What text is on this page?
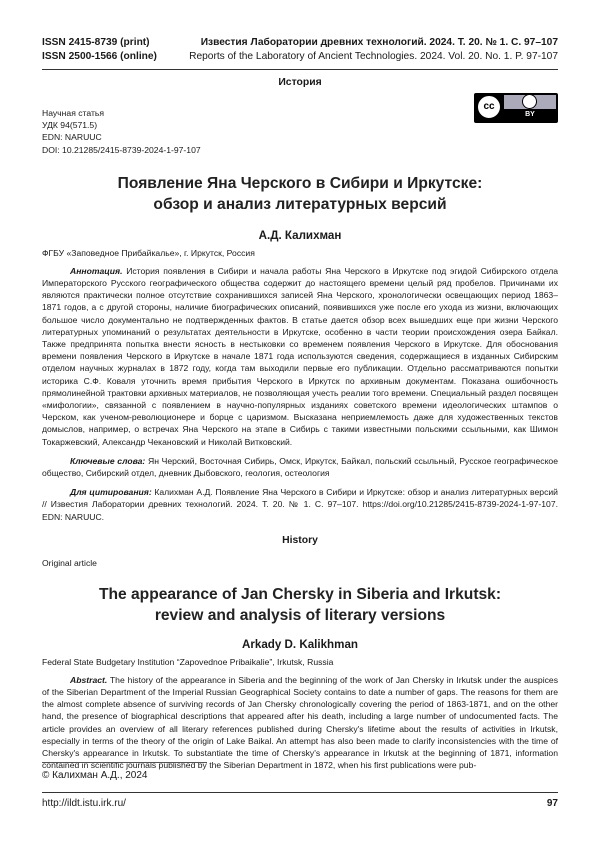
ISSN 2415-8739 (print)
ISSN 2500-1566 (online)
Известия Лаборатории древних технологий. 2024. Т. 20. № 1. С. 97–107
Reports of the Laboratory of Ancient Technologies. 2024. Vol. 20. No. 1. P. 97-107
История
Научная статья
УДК 94(571.5)
EDN: NARUUC
DOI: 10.21285/2415-8739-2024-1-97-107
cc
BY
Появление Яна Черского в Сибири и Иркутске:
обзор и анализ литературных версий
А.Д. Калихман
ФГБУ «Заповедное Прибайкалье», г. Иркутск, Россия
Аннотация. История появления в Сибири и начала работы Яна Черского в Иркутске под эгидой Сибирского отдела Императорского Русского географического общества содержит до настоящего времени целый ряд пробелов. Причинами их являются практически полное отсутствие сохранившихся записей Яна Черского, хронологически освещающих период 1863–1871 годов, а с другой стороны, наличие биографических описаний, появившихся уже после его ухода из жизни, включающих большое число документально не подтвержденных фактов. В статье дается обзор всех вышедших еще при жизни Черского литературных упоминаний о результатах деятельности в Иркутске, особенно в части теории происхождения озера Байкал. Также предпринята попытка внести ясность в нестыковки со временем появления Черского в Иркутске. Для обоснования времени появления Черского в Иркутске в начале 1871 года используются сведения, содержащиеся в изданных Сибирским отделом научных журналах в 1872 году, когда там выходили первые его публикации. Отдельно рассматриваются попытки историка С.Ф. Коваля уточнить время прибытия Черского в Иркутск по архивным документам. Показана ошибочность прямолинейной трактовки архивных материалов, не позволяющая учесть реалии того времени. Специальный раздел посвящен «мифологии», связанной с появлением в научно-популярных изданиях советского времени идеологических штампов о Черском, как ученом-революционере и борце с царизмом. Высказана неприемлемость даже для художественных текстов домыслов, например, о встречах Яна Черского на этапе в Сибирь с такими известными польскими ссыльными, как Шимон Токаржевский, Александр Чекановский и Николай Витковский.
Ключевые слова: Ян Черский, Восточная Сибирь, Омск, Иркутск, Байкал, польский ссыльный, Русское географическое общество, Сибирский отдел, дневник Дыбовского, геология, остеология
Для цитирования: Калихман А.Д. Появление Яна Черского в Сибири и Иркутске: обзор и анализ литературных версий // Известия Лаборатории древних технологий. 2024. Т. 20. № 1. С. 97–107. https://doi.org/10.21285/2415-8739-2024-1-97-107. EDN: NARUUC.
History
Original article
The appearance of Jan Chersky in Siberia and Irkutsk:
review and analysis of literary versions
Arkady D. Kalikhman
Federal State Budgetary Institution “Zapovednoe Pribaikalie”, Irkutsk, Russia
Abstract. The history of the appearance in Siberia and the beginning of the work of Jan Chersky in Irkutsk under the auspices of the Siberian Department of the Imperial Russian Geographical Society contains to date a number of gaps. The reasons for them are the almost complete absence of surviving records of Jan Chersky chronologically covering the period of 1863-1871, and on the other hand, the presence of biographical descriptions that appeared after his death, including a large number of undocumented facts. The article provides an overview of all literary references published during Chersky's lifetime about the results of activities in Irkutsk, especially in terms of the theory of the origin of Lake Baikal. An attempt has also been made to clarify inconsistencies with the time of Chersky's appearance in Irkutsk. To substantiate the time of Chersky's appearance in Irkutsk at the beginning of 1871, information contained in scientific journals published by the Siberian Department in 1872, when his first publications were pub-
© Калихман А.Д., 2024
http://ildt.istu.irk.ru/	97
